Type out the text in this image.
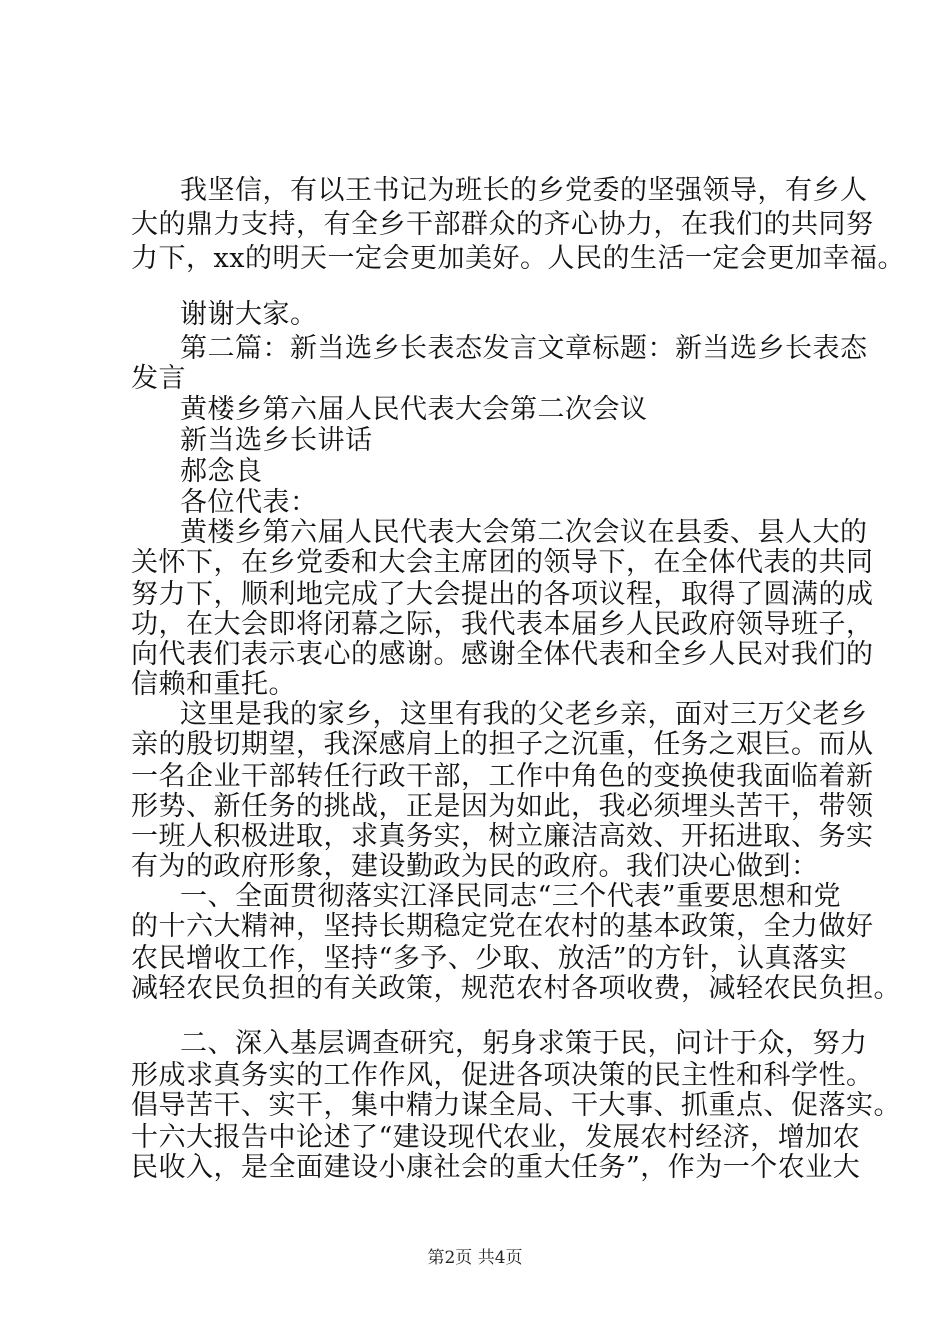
我坚信，有以王书记为班长的乡党委的坚强领导，有乡人
大的鼎力支持，有全乡干部群众的齐心协力，在我们的共同努
力下，xx的明天一定会更加美好。人民的生活一定会更加幸福。
谢谢大家。
第二篇：新当选乡长表态发言文章标题：新当选乡长表态
发言
黄楼乡第六届人民代表大会第二次会议
新当选乡长讲话
郝念良
各位代表：
黄楼乡第六届人民代表大会第二次会议在县委、县人大的
关怀下，在乡党委和大会主席团的领导下，在全体代表的共同
努力下，顺利地完成了大会提出的各项议程，取得了圆满的成
功，在大会即将闭幕之际，我代表本届乡人民政府领导班子，
向代表们表示衷心的感谢。感谢全体代表和全乡人民对我们的
信赖和重托。
这里是我的家乡，这里有我的父老乡亲，面对三万父老乡
亲的殷切期望，我深感肩上的担子之沉重，任务之艰巨。而从
一名企业干部转任行政干部，工作中角色的变换使我面临着新
形势、新任务的挑战，正是因为如此，我必须埋头苦干，带领
一班人积极进取，求真务实，树立廉洁高效、开拓进取、务实
有为的政府形象，建设勤政为民的政府。我们决心做到：
一、全面贯彻落实江泽民同志“三个代表”重要思想和党
的十六大精神，坚持长期稳定党在农村的基本政策，全力做好
农民增收工作，坚持“多予、少取、放活”的方针，认真落实
减轻农民负担的有关政策，规范农村各项收费，减轻农民负担。
二、深入基层调查研究，躬身求策于民，问计于众，努力
形成求真务实的工作作风，促进各项决策的民主性和科学性。
倡导苦干、实干，集中精力谋全局、干大事、抓重点、促落实。
十六大报告中论述了“建设现代农业，发展农村经济，增加农
民收入，是全面建设小康社会的重大任务”，作为一个农业大
第2页 共4页
